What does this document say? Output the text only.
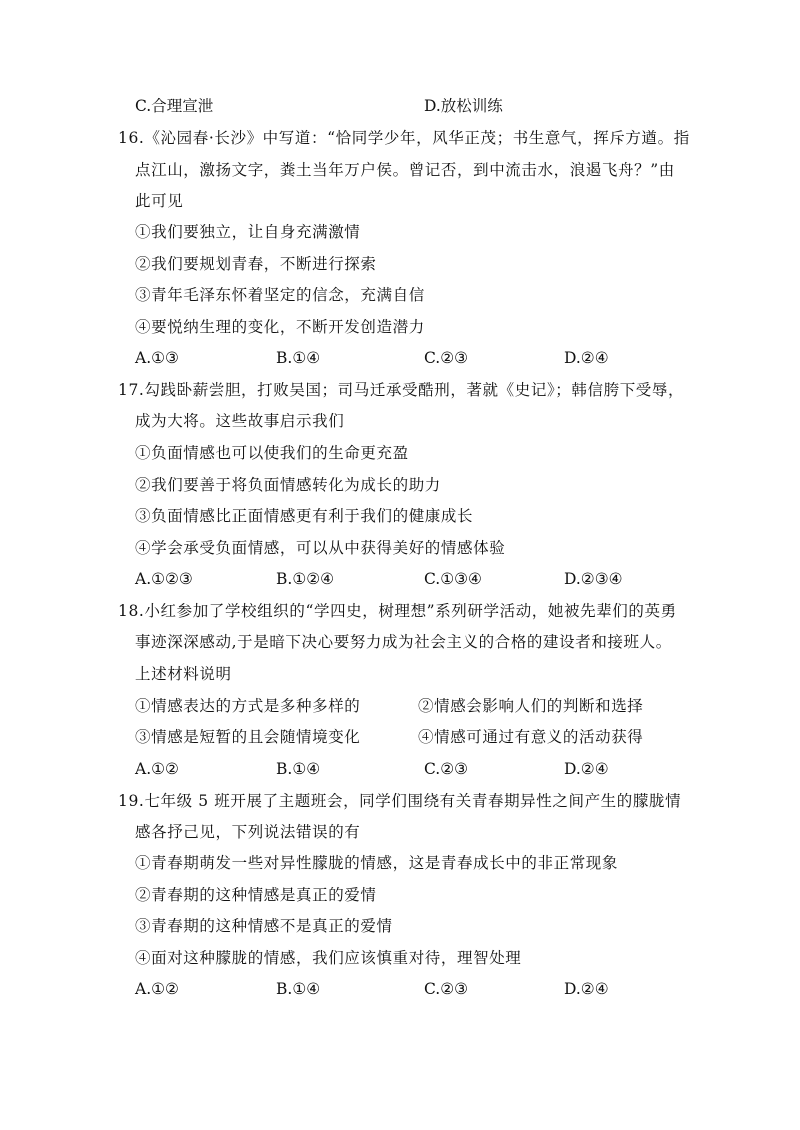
C.合理宣泄	D.放松训练
16.《沁园春·长沙》中写道：“恰同学少年，风华正茂；书生意气，挥斥方遒。指
点江山，激扬文字，粪土当年万户侯。曾记否，到中流击水，浪遏飞舟？”由
此可见
①我们要独立，让自身充满激情
②我们要规划青春，不断进行探索
③青年毛泽东怀着坚定的信念，充满自信
④要悦纳生理的变化，不断开发创造潜力
A.①③	B.①④	C.②③	D.②④
17.勾践卧薪尝胆，打败吴国；司马迁承受酷刑，著就《史记》；韩信胯下受辱，
成为大将。这些故事启示我们
①负面情感也可以使我们的生命更充盈
②我们要善于将负面情感转化为成长的助力
③负面情感比正面情感更有利于我们的健康成长
④学会承受负面情感，可以从中获得美好的情感体验
A.①②③	B.①②④	C.①③④	D.②③④
18.小红参加了学校组织的“学四史，树理想”系列研学活动，她被先辈们的英勇
事迹深深感动,于是暗下决心要努力成为社会主义的合格的建设者和接班人。
上述材料说明
①情感表达的方式是多种多样的	②情感会影响人们的判断和选择
③情感是短暂的且会随情境变化	④情感可通过有意义的活动获得
A.①②	B.①④	C.②③	D.②④
19.七年级 5 班开展了主题班会，同学们围绕有关青春期异性之间产生的朦胧情
感各抒己见，下列说法错误的有
①青春期萌发一些对异性朦胧的情感，这是青春成长中的非正常现象
②青春期的这种情感是真正的爱情
③青春期的这种情感不是真正的爱情
④面对这种朦胧的情感，我们应该慎重对待，理智处理
A.①②	B.①④	C.②③	D.②④
